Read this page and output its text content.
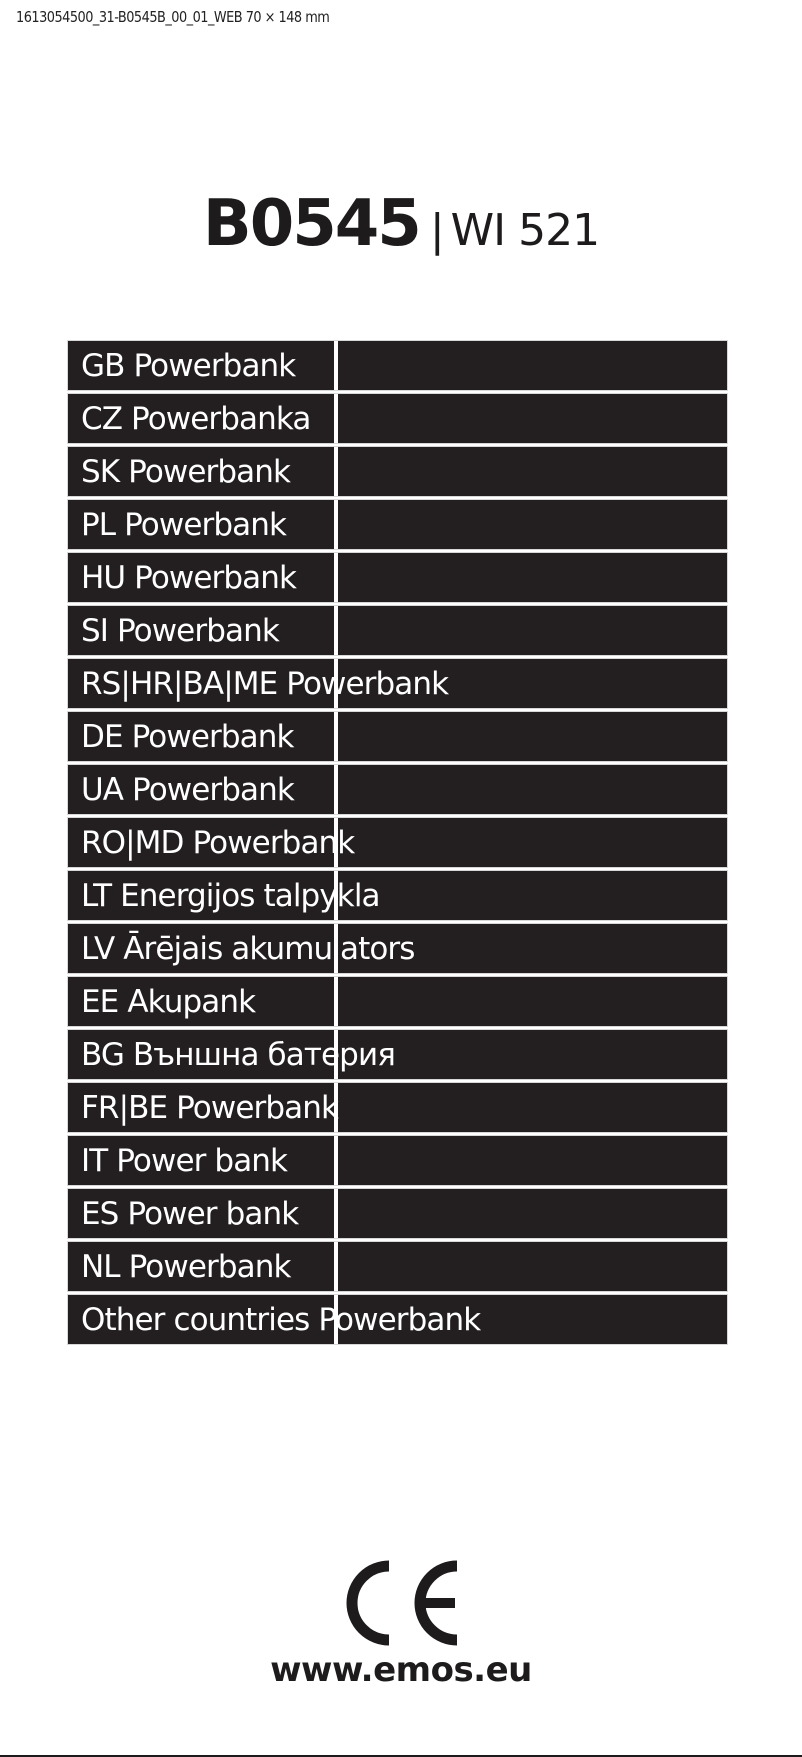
1613054500_31-B0545B_00_01_WEB 70 × 148 mm
B0545 | WI 521
GB Powerbank
CZ Powerbanka
SK Powerbank
PL Powerbank
HU Powerbank
SI Powerbank
RS|HR|BA|ME Powerbank
DE Powerbank
UA Powerbank
RO|MD Powerbank
LT Energijos talpykla
LV Ārējais akumulators
EE Akupank
BG Външна батерия
FR|BE Powerbank
IT Power bank
ES Power bank
NL Powerbank
Other countries Powerbank
www.emos.eu
